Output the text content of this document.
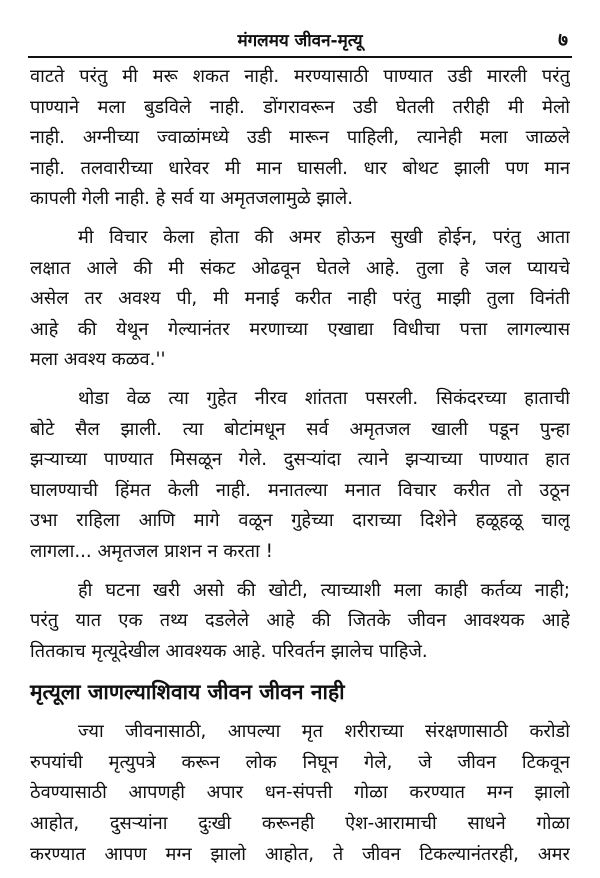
मंगलमय जीवन-मृत्यू	७
वाटते परंतु मी मरू शकत नाही. मरण्यासाठी पाण्यात उडी मारली परंतु
पाण्याने मला बुडविले नाही. डोंगरावरून उडी घेतली तरीही मी मेलो
नाही. अग्नीच्या ज्वाळांमध्ये उडी मारून पाहिली, त्यानेही मला जाळले
नाही. तलवारीच्या धारेवर मी मान घासली. धार बोथट झाली पण मान
कापली गेली नाही. हे सर्व या अमृतजलामुळे झाले.
मी विचार केला होता की अमर होऊन सुखी होईन, परंतु आता
लक्षात आले की मी संकट ओढवून घेतले आहे. तुला हे जल प्यायचे
असेल तर अवश्य पी, मी मनाई करीत नाही परंतु माझी तुला विनंती
आहे की येथून गेल्यानंतर मरणाच्या एखाद्या विधीचा पत्ता लागल्यास
मला अवश्य कळव.''
थोडा वेळ त्या गुहेत नीरव शांतता पसरली. सिकंदरच्या हाताची
बोटे सैल झाली. त्या बोटांमधून सर्व अमृतजल खाली पडून पुन्हा
झऱ्याच्या पाण्यात मिसळून गेले. दुसऱ्यांदा त्याने झऱ्याच्या पाण्यात हात
घालण्याची हिंमत केली नाही. मनातल्या मनात विचार करीत तो उठून
उभा राहिला आणि मागे वळून गुहेच्या दाराच्या दिशेने हळूहळू चालू
लागला... अमृतजल प्राशन न करता !
ही घटना खरी असो की खोटी, त्याच्याशी मला काही कर्तव्य नाही;
परंतु यात एक तथ्य दडलेले आहे की जितके जीवन आवश्यक आहे
तितकाच मृत्यूदेखील आवश्यक आहे. परिवर्तन झालेच पाहिजे.
मृत्यूला जाणल्याशिवाय जीवन जीवन नाही
ज्या जीवनासाठी, आपल्या मृत शरीराच्या संरक्षणासाठी करोडो
रुपयांची मृत्युपत्रे करून लोक निघून गेले, जे जीवन टिकवून
ठेवण्यासाठी आपणही अपार धन-संपत्ती गोळा करण्यात मग्न झालो
आहोत, दुसऱ्यांना दुःखी करूनही ऐश-आरामाची साधने गोळा
करण्यात आपण मग्न झालो आहोत, ते जीवन टिकल्यानंतरही, अमर
